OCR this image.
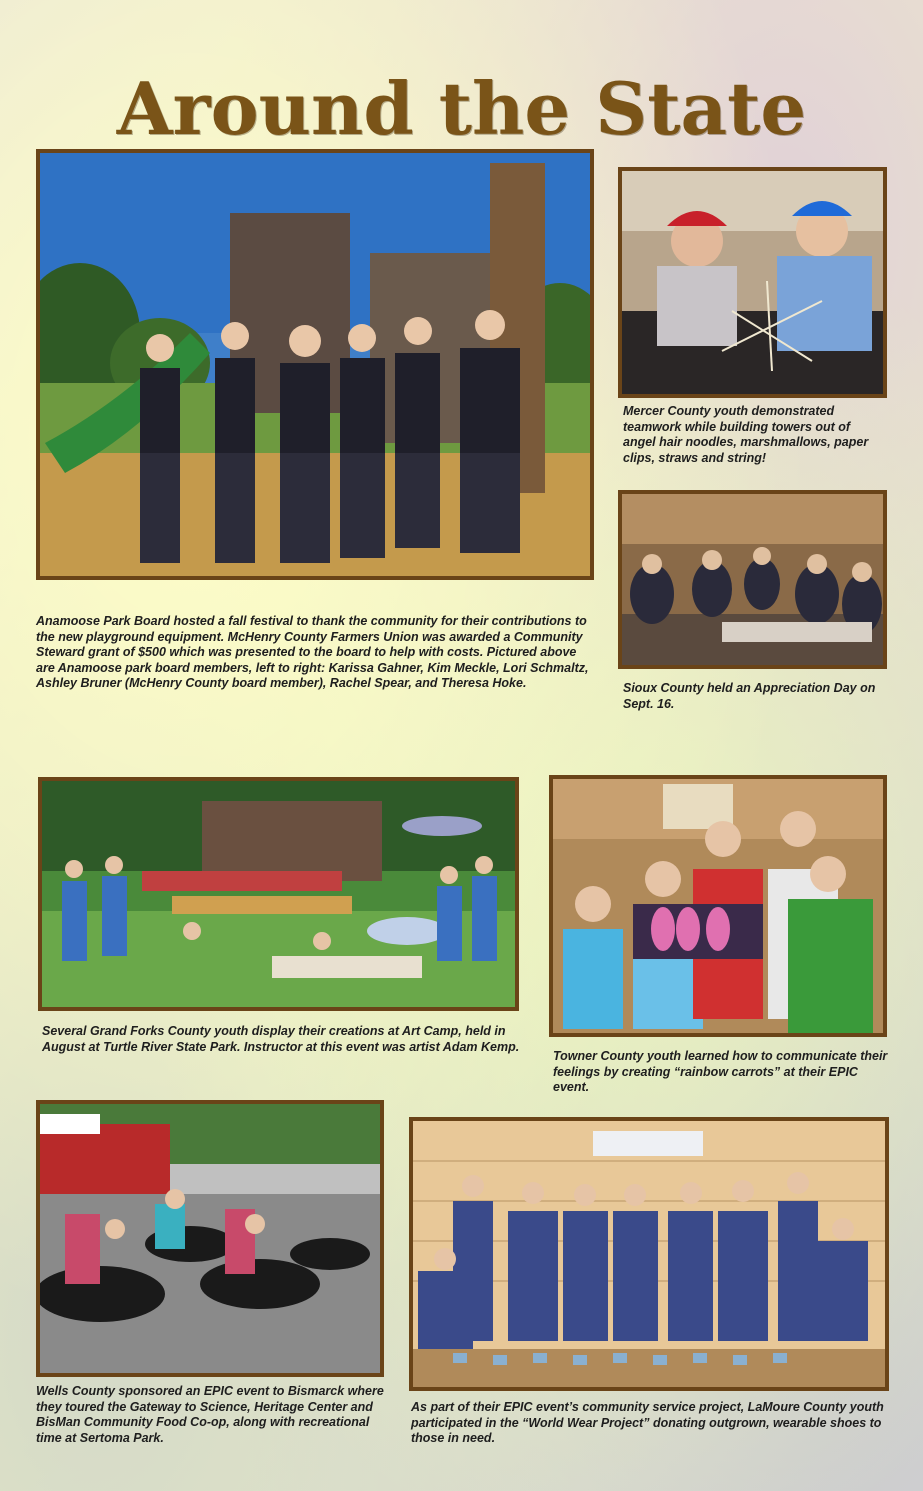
Around the State
Anamoose Park Board hosted a fall festival to thank the community for their contributions to the new playground equipment. McHenry County Farmers Union was awarded a Community Steward grant of $500 which was presented to the board to help with costs. Pictured above are Anamoose park board members, left to right: Karissa Gahner, Kim Meckle, Lori Schmaltz, Ashley Bruner (McHenry County board member), Rachel Spear, and Theresa Hoke.
Mercer County youth demonstrated teamwork while building towers out of angel hair noodles, marshmallows, paper clips, straws and string!
Sioux County held an Appreciation Day on Sept. 16.
Several Grand Forks County youth display their creations at Art Camp, held in August at Turtle River State Park. Instructor at this event was artist Adam Kemp.
Towner County youth learned how to communicate their feelings by creating “rainbow carrots” at their EPIC event.
Wells County sponsored an EPIC event to Bismarck where they toured the Gateway to Science, Heritage Center and BisMan Community Food Co-op, along with recreational time at Sertoma Park.
As part of their EPIC event’s community service project, LaMoure County youth participated in the “World Wear Project” donating outgrown, wearable shoes to those in need.
